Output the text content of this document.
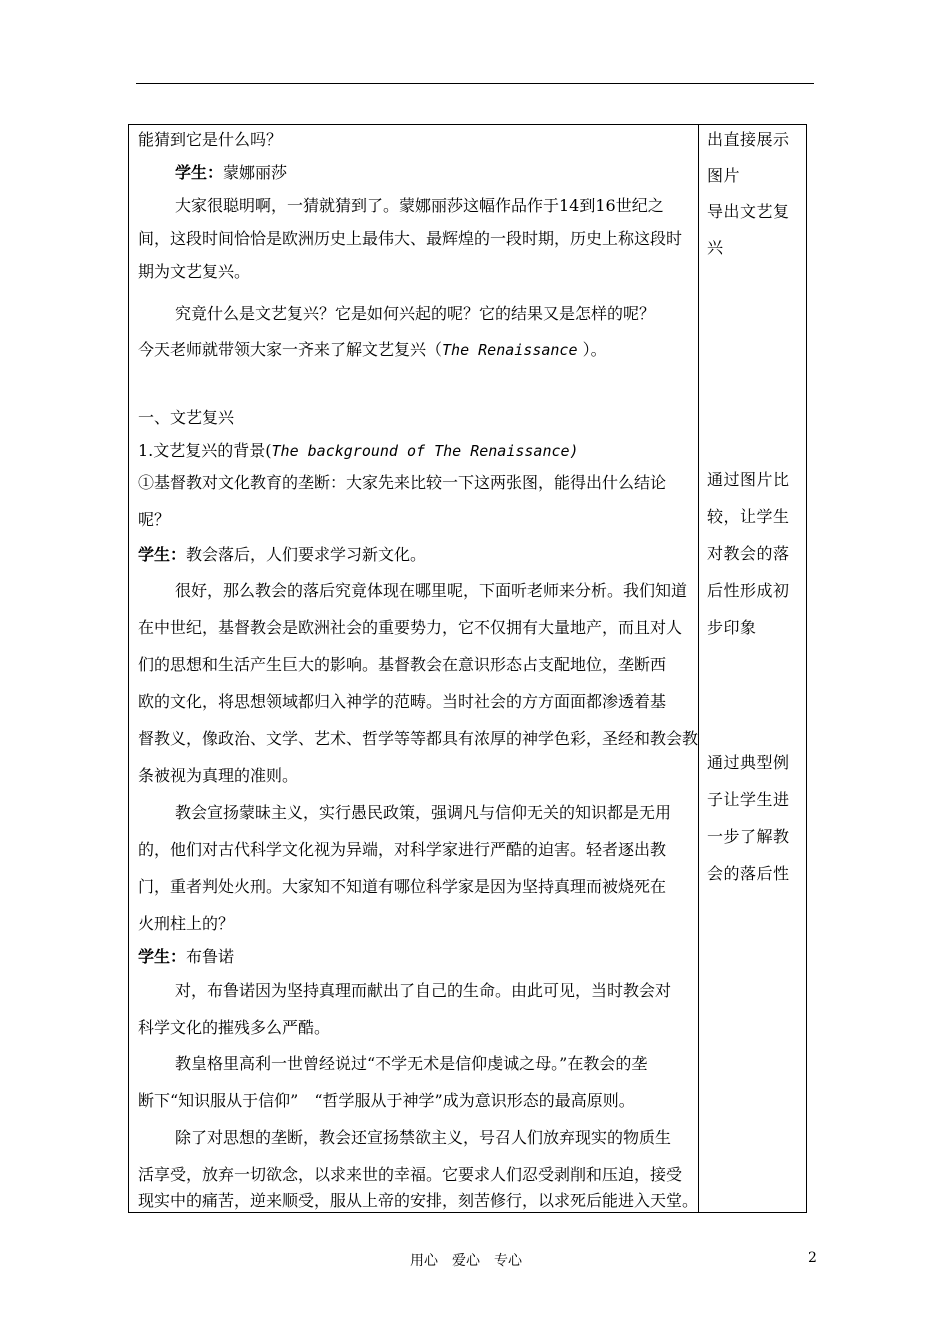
能猜到它是什么吗？
学生：蒙娜丽莎
大家很聪明啊，一猜就猜到了。蒙娜丽莎这幅作品作于14到16世纪之
间，这段时间恰恰是欧洲历史上最伟大、最辉煌的一段时期，历史上称这段时
期为文艺复兴。
究竟什么是文艺复兴？它是如何兴起的呢？它的结果又是怎样的呢？
今天老师就带领大家一齐来了解文艺复兴（The Renaissance ）。
一、文艺复兴
1.文艺复兴的背景(The background of The Renaissance)
①基督教对文化教育的垄断：大家先来比较一下这两张图，能得出什么结论
呢？
学生：教会落后，人们要求学习新文化。
很好，那么教会的落后究竟体现在哪里呢，下面听老师来分析。我们知道
在中世纪，基督教会是欧洲社会的重要势力，它不仅拥有大量地产，而且对人
们的思想和生活产生巨大的影响。基督教会在意识形态占支配地位，垄断西
欧的文化，将思想领域都归入神学的范畴。当时社会的方方面面都渗透着基
督教义，像政治、文学、艺术、哲学等等都具有浓厚的神学色彩，圣经和教会教
条被视为真理的准则。
教会宣扬蒙昧主义，实行愚民政策，强调凡与信仰无关的知识都是无用
的，他们对古代科学文化视为异端，对科学家进行严酷的迫害。轻者逐出教
门，重者判处火刑。大家知不知道有哪位科学家是因为坚持真理而被烧死在
火刑柱上的？
学生：布鲁诺
对，布鲁诺因为坚持真理而献出了自己的生命。由此可见，当时教会对
科学文化的摧残多么严酷。
教皇格里高利一世曾经说过“不学无术是信仰虔诚之母。”在教会的垄
断下“知识服从于信仰”　“哲学服从于神学”成为意识形态的最高原则。
除了对思想的垄断，教会还宣扬禁欲主义，号召人们放弃现实的物质生
活享受，放弃一切欲念，以求来世的幸福。它要求人们忍受剥削和压迫，接受
现实中的痛苦，逆来顺受，服从上帝的安排，刻苦修行，以求死后能进入天堂。
出直接展示
图片
导出文艺复
兴
通过图片比
较，让学生
对教会的落
后性形成初
步印象
通过典型例
子让学生进
一步了解教
会的落后性
用心　爱心　专心	2
